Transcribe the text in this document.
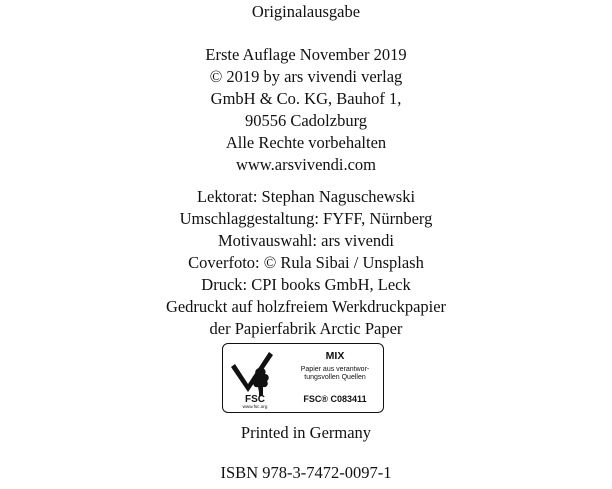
Originalausgabe
Erste Auflage November 2019
© 2019 by ars vivendi verlag
GmbH & Co. KG, Bauhof 1,
90556 Cadolzburg
Alle Rechte vorbehalten
www.arsvivendi.com
Lektorat: Stephan Naguschewski
Umschlaggestaltung: FYFF, Nürnberg
Motivauswahl: ars vivendi
Coverfoto: © Rula Sibai / Unsplash
Druck: CPI books GmbH, Leck
Gedruckt auf holzfreiem Werkdruckpapier
der Papierfabrik Arctic Paper
FSC
www.fsc.org
MIX
Papier aus verantwor-
tungsvollen Quellen
FSC® C083411
Printed in Germany
ISBN 978-3-7472-0097-1
